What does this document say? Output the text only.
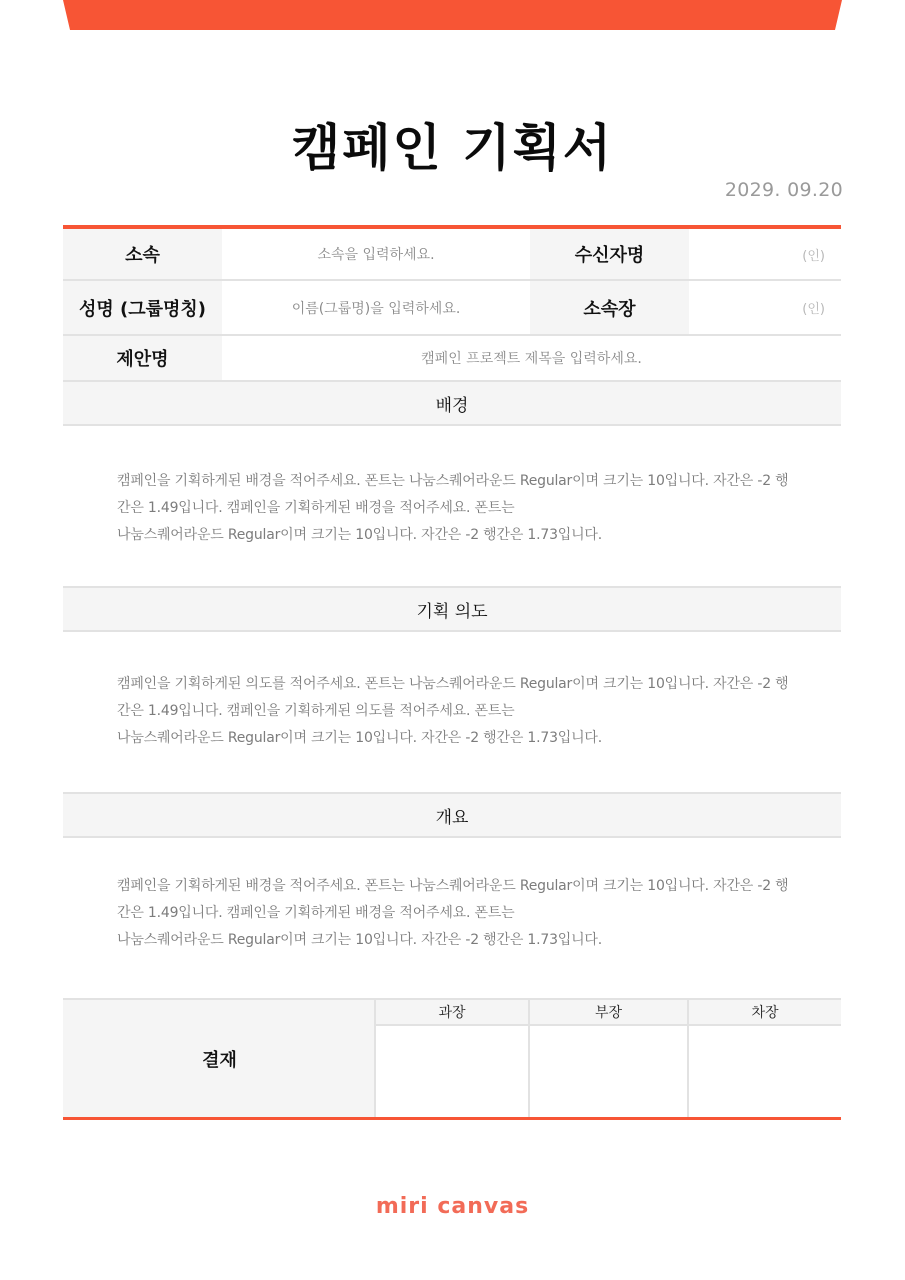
캠페인 기획서
2029. 09.20
소속	소속을 입력하세요.	수신자명	(인)
성명 (그룹명칭)	이름(그룹명)을 입력하세요.	소속장	(인)
제안명	캠페인 프로젝트 제목을 입력하세요.
배경
캠페인을 기획하게된 배경을 적어주세요. 폰트는 나눔스퀘어라운드 Regular이며 크기는 10입니다. 자간은 -2 행
간은 1.49입니다. 캠페인을 기획하게된 배경을 적어주세요. 폰트는
나눔스퀘어라운드 Regular이며 크기는 10입니다. 자간은 -2 행간은 1.73입니다.
기획 의도
캠페인을 기획하게된 의도를 적어주세요. 폰트는 나눔스퀘어라운드 Regular이며 크기는 10입니다. 자간은 -2 행
간은 1.49입니다. 캠페인을 기획하게된 의도를 적어주세요. 폰트는
나눔스퀘어라운드 Regular이며 크기는 10입니다. 자간은 -2 행간은 1.73입니다.
개요
캠페인을 기획하게된 배경을 적어주세요. 폰트는 나눔스퀘어라운드 Regular이며 크기는 10입니다. 자간은 -2 행
간은 1.49입니다. 캠페인을 기획하게된 배경을 적어주세요. 폰트는
나눔스퀘어라운드 Regular이며 크기는 10입니다. 자간은 -2 행간은 1.73입니다.
결재
과장	부장	차장
miri canvas
